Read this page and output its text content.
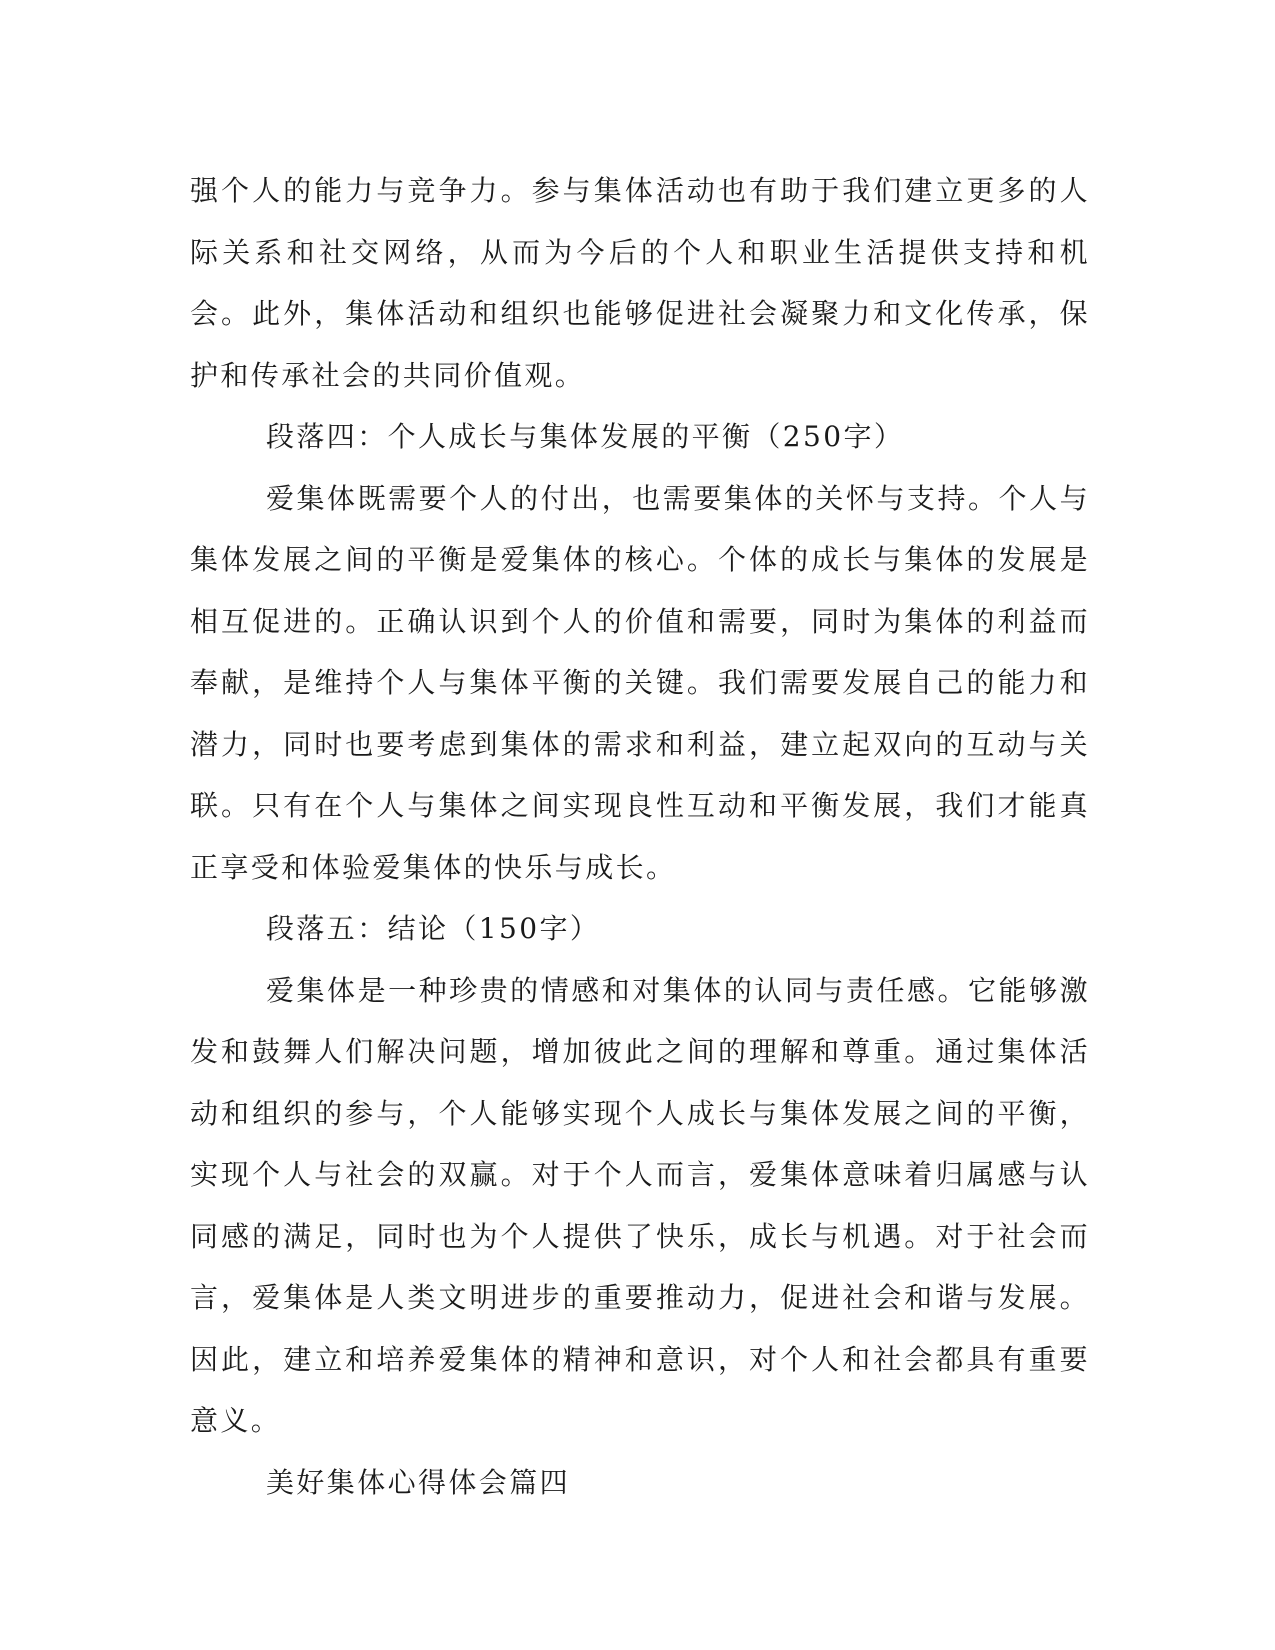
强个人的能力与竞争力。参与集体活动也有助于我们建立更多的人际关系和社交网络，从而为今后的个人和职业生活提供支持和机会。此外，集体活动和组织也能够促进社会凝聚力和文化传承，保护和传承社会的共同价值观。

段落四：个人成长与集体发展的平衡（250字）

爱集体既需要个人的付出，也需要集体的关怀与支持。个人与集体发展之间的平衡是爱集体的核心。个体的成长与集体的发展是相互促进的。正确认识到个人的价值和需要，同时为集体的利益而奉献，是维持个人与集体平衡的关键。我们需要发展自己的能力和潜力，同时也要考虑到集体的需求和利益，建立起双向的互动与关联。只有在个人与集体之间实现良性互动和平衡发展，我们才能真正享受和体验爱集体的快乐与成长。

段落五：结论（150字）

爱集体是一种珍贵的情感和对集体的认同与责任感。它能够激发和鼓舞人们解决问题，增加彼此之间的理解和尊重。通过集体活动和组织的参与，个人能够实现个人成长与集体发展之间的平衡，实现个人与社会的双赢。对于个人而言，爱集体意味着归属感与认同感的满足，同时也为个人提供了快乐，成长与机遇。对于社会而言，爱集体是人类文明进步的重要推动力，促进社会和谐与发展。因此，建立和培养爱集体的精神和意识，对个人和社会都具有重要意义。

美好集体心得体会篇四
